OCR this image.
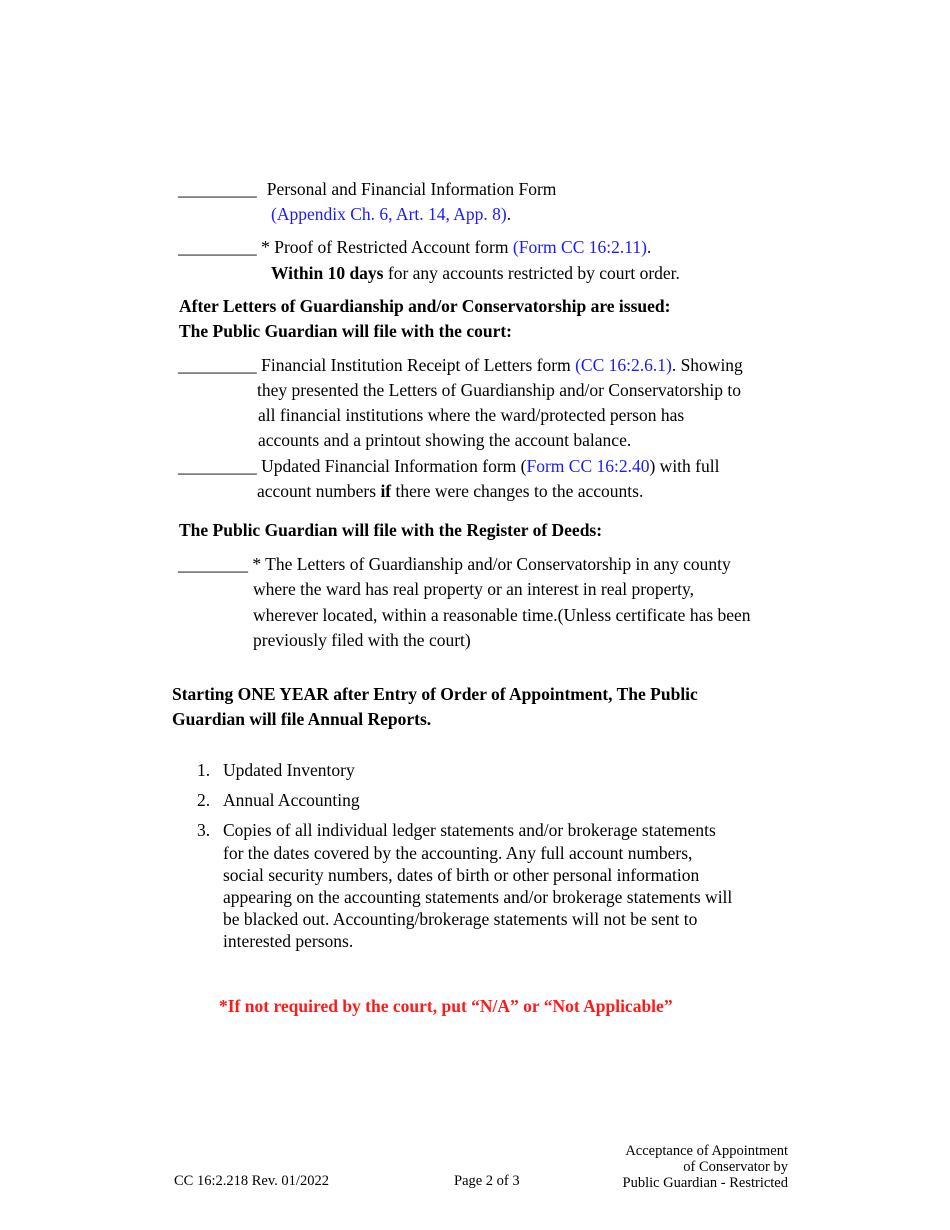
_________ Personal and Financial Information Form
(Appendix Ch. 6, Art. 14, App. 8).
_________ * Proof of Restricted Account form (Form CC 16:2.11).
Within 10 days for any accounts restricted by court order.
After Letters of Guardianship and/or Conservatorship are issued:
The Public Guardian will file with the court:
_________ Financial Institution Receipt of Letters form (CC 16:2.6.1). Showing
they presented the Letters of Guardianship and/or Conservatorship to
all financial institutions where the ward/protected person has
accounts and a printout showing the account balance.
_________ Updated Financial Information form (Form CC 16:2.40) with full
account numbers if there were changes to the accounts.
The Public Guardian will file with the Register of Deeds:
________ * The Letters of Guardianship and/or Conservatorship in any county
where the ward has real property or an interest in real property,
wherever located, within a reasonable time.(Unless certificate has been
previously filed with the court)
Starting ONE YEAR after Entry of Order of Appointment, The Public
Guardian will file Annual Reports.
1. Updated Inventory
2. Annual Accounting
3. Copies of all individual ledger statements and/or brokerage statements
for the dates covered by the accounting. Any full account numbers,
social security numbers, dates of birth or other personal information
appearing on the accounting statements and/or brokerage statements will
be blacked out. Accounting/brokerage statements will not be sent to
interested persons.
*If not required by the court, put “N/A” or “Not Applicable”
CC 16:2.218 Rev. 01/2022	Page 2 of 3
Acceptance of Appointment
of Conservator by
Public Guardian - Restricted
